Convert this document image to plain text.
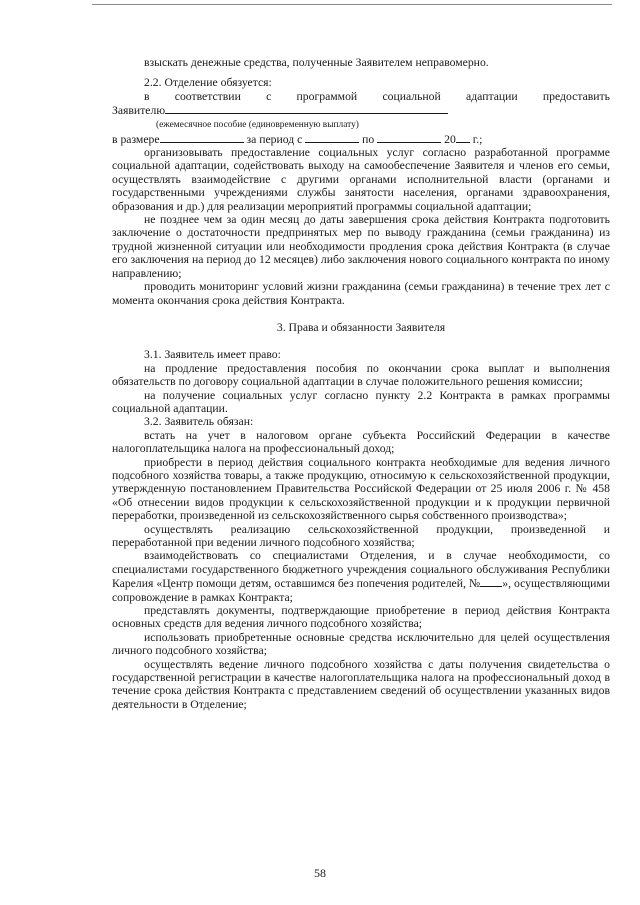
взыскать денежные средства, полученные Заявителем неправомерно.

2.2. Отделение обязуется:

в соответствии с программой социальной адаптации предоставить
Заявителю
(ежемесячное пособие (единовременную выплату)
в размере	за период с	по	20 г.;

организовывать предоставление социальных услуг согласно разработанной программе социальной адаптации, содействовать выходу на самообеспечение Заявителя и членов его семьи, осуществлять взаимодействие с другими органами исполнительной власти (органами и государственными учреждениями службы занятости населения, органами здравоохранения, образования и др.) для реализации мероприятий программы социальной адаптации;

не позднее чем за один месяц до даты завершения срока действия Контракта подготовить заключение о достаточности предпринятых мер по выводу гражданина (семьи гражданина) из трудной жизненной ситуации или необходимости продления срока действия Контракта (в случае его заключения на период до 12 месяцев) либо заключения нового социального контракта по иному направлению;

проводить мониторинг условий жизни гражданина (семьи гражданина) в течение трех лет с момента окончания срока действия Контракта.

3. Права и обязанности Заявителя

3.1. Заявитель имеет право:

на продление предоставления пособия по окончании срока выплат и выполнения обязательств по договору социальной адаптации в случае положительного решения комиссии;

на получение социальных услуг согласно пункту 2.2 Контракта в рамках программы социальной адаптации.

3.2. Заявитель обязан:

встать на учет в налоговом органе субъекта Российский Федерации в качестве налогоплательщика налога на профессиональный доход;

приобрести в период действия социального контракта необходимые для ведения личного подсобного хозяйства товары, а также продукцию, относимую к сельскохозяйственной продукции, утвержденную постановлением Правительства Российской Федерации от 25 июля 2006 г. № 458 «Об отнесении видов продукции к сельскохозяйственной продукции и к продукции первичной переработки, произведенной из сельскохозяйственного сырья собственного производства»;

осуществлять реализацию сельскохозяйственной продукции, произведенной и переработанной при ведении личного подсобного хозяйства;

взаимодействовать со специалистами Отделения, и в случае необходимости, со специалистами государственного бюджетного учреждения социального обслуживания Республики Карелия «Центр помощи детям, оставшимся без попечения родителей, № », осуществляющими сопровождение в рамках Контракта;

представлять документы, подтверждающие приобретение в период действия Контракта основных средств для ведения личного подсобного хозяйства;

использовать приобретенные основные средства исключительно для целей осуществления личного подсобного хозяйства;

осуществлять ведение личного подсобного хозяйства с даты получения свидетельства о государственной регистрации в качестве налогоплательщика налога на профессиональный доход в течение срока действия Контракта с представлением сведений об осуществлении указанных видов деятельности в Отделение;

58
